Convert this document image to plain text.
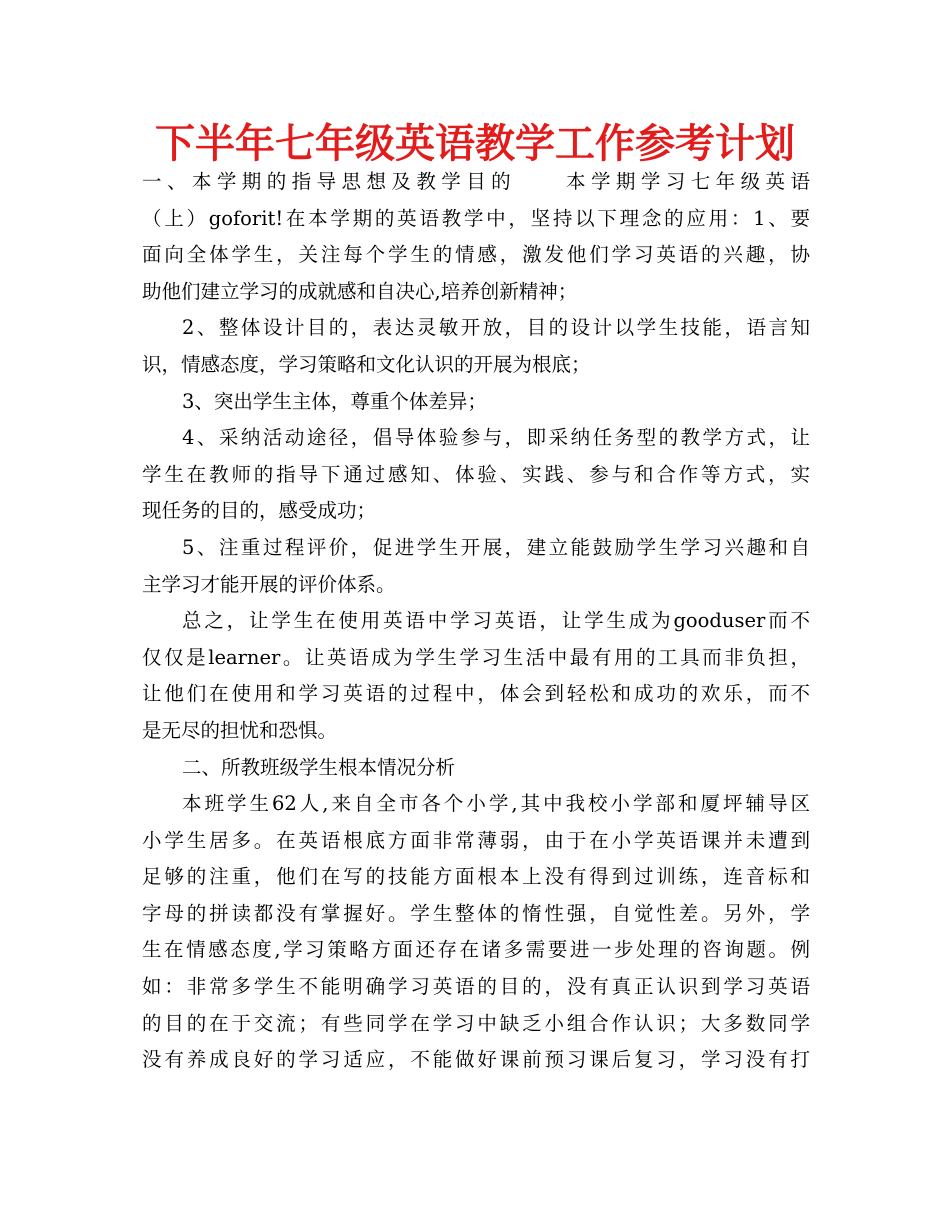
下半年七年级英语教学工作参考计划
一、本学期的指导思想及教学目的　　本学期学习七年级英语
（上）goforit!在本学期的英语教学中，坚持以下理念的应用：1、要
面向全体学生，关注每个学生的情感，激发他们学习英语的兴趣，协
助他们建立学习的成就感和自决心,培养创新精神；
2、整体设计目的，表达灵敏开放，目的设计以学生技能，语言知
识，情感态度，学习策略和文化认识的开展为根底；
3、突出学生主体，尊重个体差异；
4、采纳活动途径，倡导体验参与，即采纳任务型的教学方式，让
学生在教师的指导下通过感知、体验、实践、参与和合作等方式，实
现任务的目的，感受成功；
5、注重过程评价，促进学生开展，建立能鼓励学生学习兴趣和自
主学习才能开展的评价体系。
总之，让学生在使用英语中学习英语，让学生成为gooduser而不
仅仅是learner。让英语成为学生学习生活中最有用的工具而非负担，
让他们在使用和学习英语的过程中，体会到轻松和成功的欢乐，而不
是无尽的担忧和恐惧。
二、所教班级学生根本情况分析
本班学生62人,来自全市各个小学,其中我校小学部和厦坪辅导区
小学生居多。在英语根底方面非常薄弱，由于在小学英语课并未遭到
足够的注重，他们在写的技能方面根本上没有得到过训练，连音标和
字母的拼读都没有掌握好。学生整体的惰性强，自觉性差。另外，学
生在情感态度,学习策略方面还存在诸多需要进一步处理的咨询题。例
如：非常多学生不能明确学习英语的目的，没有真正认识到学习英语
的目的在于交流；有些同学在学习中缺乏小组合作认识；大多数同学
没有养成良好的学习适应，不能做好课前预习课后复习，学习没有打
